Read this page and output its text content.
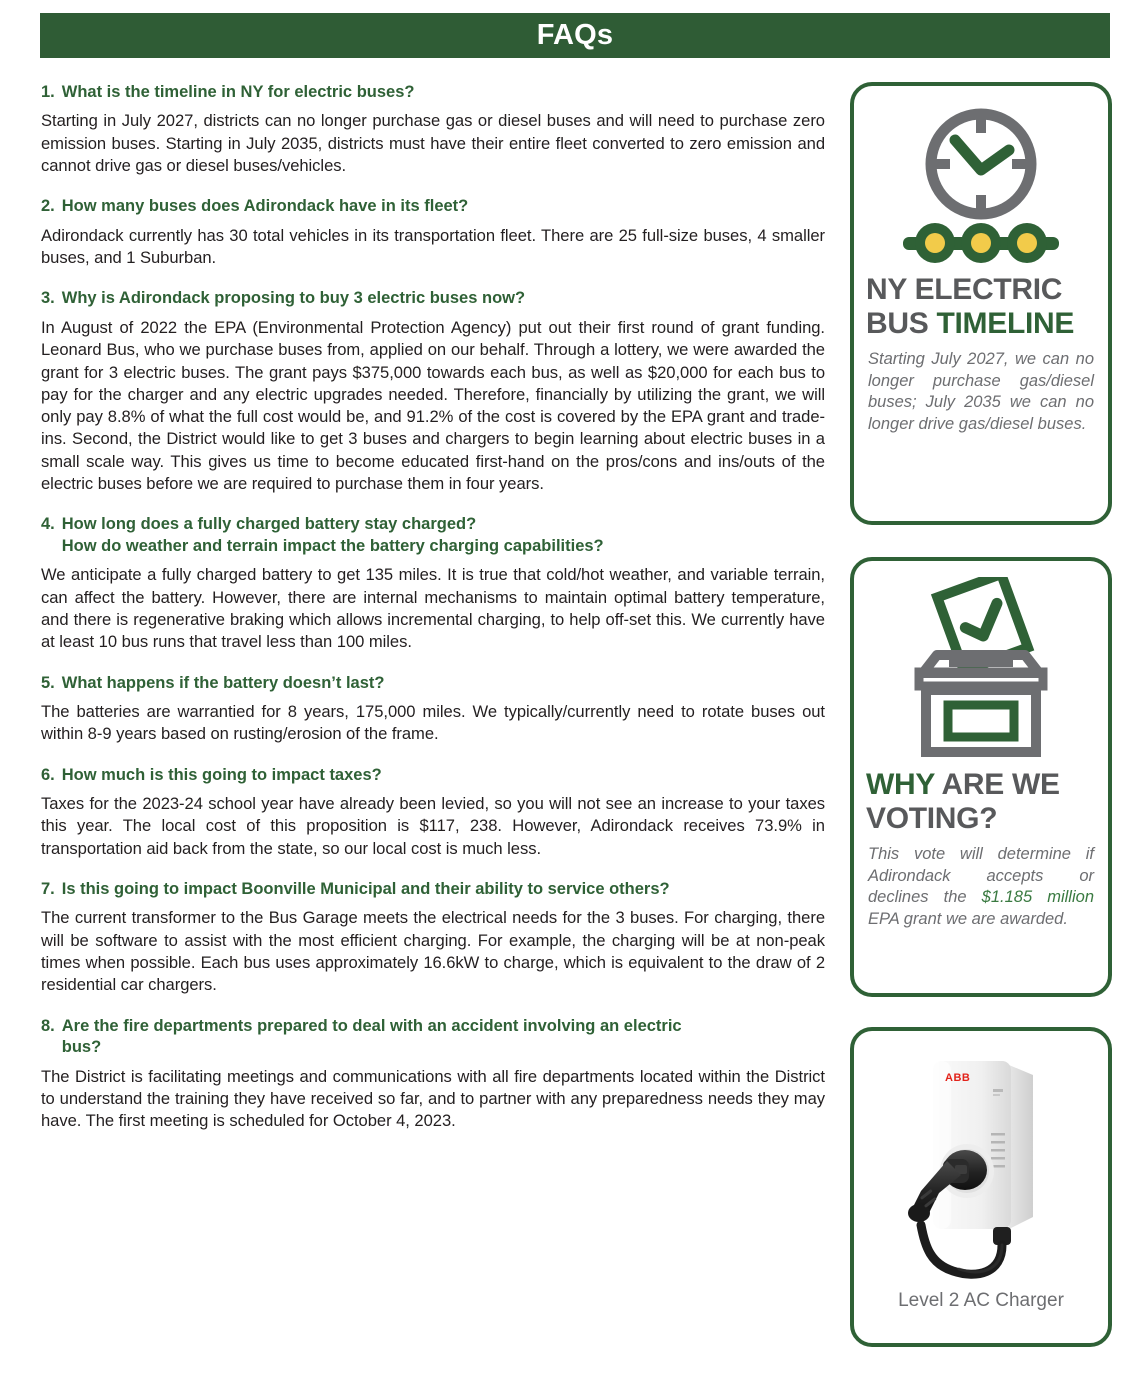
FAQs
1. What is the timeline in NY for electric buses?

Starting in July 2027, districts can no longer purchase gas or diesel buses and will need to purchase zero emission buses. Starting in July 2035, districts must have their entire fleet converted to zero emission and cannot drive gas or diesel buses/vehicles.

2. How many buses does Adirondack have in its fleet?

Adirondack currently has 30 total vehicles in its transportation fleet. There are 25 full-size buses, 4 smaller buses, and 1 Suburban.

3. Why is Adirondack proposing to buy 3 electric buses now?

In August of 2022 the EPA (Environmental Protection Agency) put out their first round of grant funding. Leonard Bus, who we purchase buses from, applied on our behalf. Through a lottery, we were awarded the grant for 3 electric buses. The grant pays $375,000 towards each bus, as well as $20,000 for each bus to pay for the charger and any electric upgrades needed. Therefore, financially by utilizing the grant, we will only pay 8.8% of what the full cost would be, and 91.2% of the cost is covered by the EPA grant and trade-ins. Second, the District would like to get 3 buses and chargers to begin learning about electric buses in a small scale way. This gives us time to become educated first-hand on the pros/cons and ins/outs of the electric buses before we are required to purchase them in four years.

4. How long does a fully charged battery stay charged?
How do weather and terrain impact the battery charging capabilities?

We anticipate a fully charged battery to get 135 miles. It is true that cold/hot weather, and variable terrain, can affect the battery. However, there are internal mechanisms to maintain optimal battery temperature, and there is regenerative braking which allows incremental charging, to help off-set this. We currently have at least 10 bus runs that travel less than 100 miles.

5. What happens if the battery doesn’t last?

The batteries are warrantied for 8 years, 175,000 miles. We typically/currently need to rotate buses out within 8-9 years based on rusting/erosion of the frame.

6. How much is this going to impact taxes?

Taxes for the 2023-24 school year have already been levied, so you will not see an increase to your taxes this year. The local cost of this proposition is $117, 238. However, Adirondack receives 73.9% in transportation aid back from the state, so our local cost is much less.

7. Is this going to impact Boonville Municipal and their ability to service others?

The current transformer to the Bus Garage meets the electrical needs for the 3 buses. For charging, there will be software to assist with the most efficient charging. For example, the charging will be at non-peak times when possible. Each bus uses approximately 16.6kW to charge, which is equivalent to the draw of 2 residential car chargers.

8. Are the fire departments prepared to deal with an accident involving an electric
bus?

The District is facilitating meetings and communications with all fire departments located within the District to understand the training they have received so far, and to partner with any preparedness needs they may have. The first meeting is scheduled for October 4, 2023.

NY ELECTRIC
BUS TIMELINE
Starting July 2027, we can no longer purchase gas/diesel buses; July 2035 we can no longer drive gas/diesel buses.
WHY ARE WE
VOTING?
This vote will determine if Adirondack accepts or declines the $1.185 million EPA grant we are awarded.
ABB
Level 2 AC Charger
